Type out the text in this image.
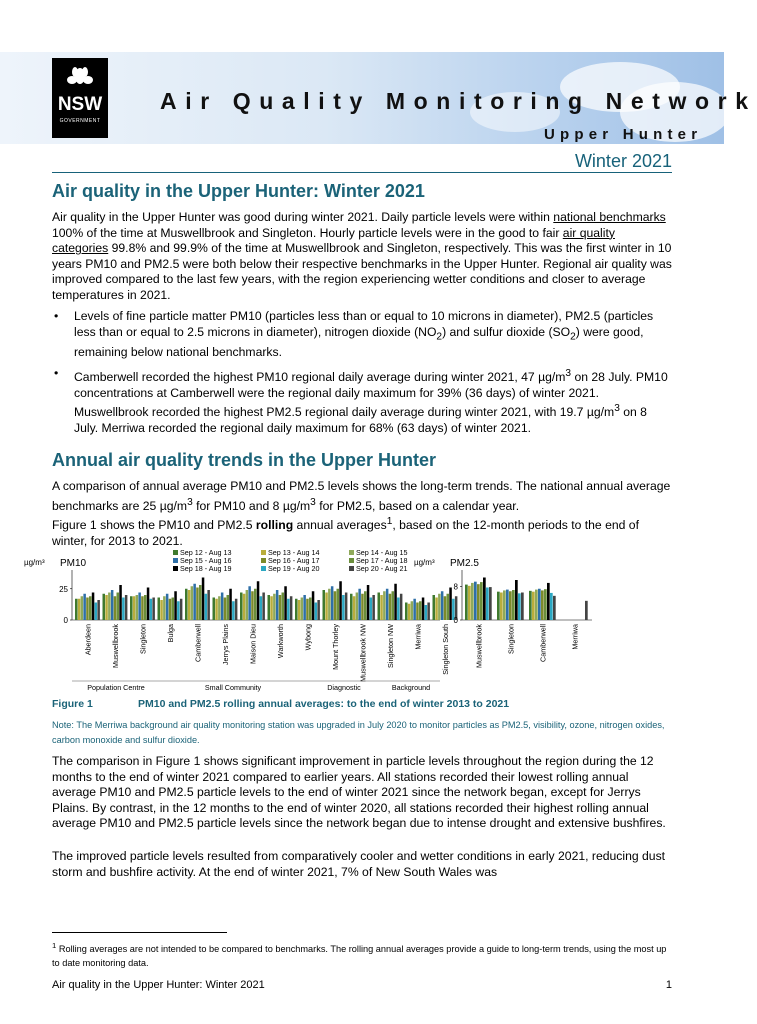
NSW
GOVERNMENT
Air Quality Monitoring Network
Upper Hunter
Winter 2021
Air quality in the Upper Hunter: Winter 2021

Air quality in the Upper Hunter was good during winter 2021. Daily particle levels were within national benchmarks 100% of the time at Muswellbrook and Singleton. Hourly particle levels were in the good to fair air quality categories 99.8% and 99.9% of the time at Muswellbrook and Singleton, respectively. This was the first winter in 10 years PM10 and PM2.5 were both below their respective benchmarks in the Upper Hunter. Regional air quality was improved compared to the last few years, with the region experiencing wetter conditions and closer to average temperatures in 2021.

• Levels of fine particle matter PM10 (particles less than or equal to 10 microns in diameter), PM2.5 (particles less than or equal to 2.5 microns in diameter), nitrogen dioxide $(NO_2)$ and sulfur dioxide $(SO_2)$ were good, remaining below national benchmarks.
• Camberwell recorded the highest PM10 regional daily average during winter 2021, 47 $\mu g/m^3$ on 28 July. PM10 concentrations at Camberwell were the regional daily maximum for 39% (36 days) of winter 2021. Muswellbrook recorded the highest PM2.5 regional daily average during winter 2021, with 19.7 $\mu g/m^3$ on 8 July. Merriwa recorded the regional daily maximum for 68% (63 days) of winter 2021.
Annual air quality trends in the Upper Hunter

A comparison of annual average PM10 and PM2.5 levels shows the long-term trends. The national annual average benchmarks are 25 $\mu g/m^3$ for PM10 and 8 $\mu g/m^3$ for PM2.5, based on a calendar year.

Figure 1 shows the PM10 and PM2.5 rolling annual averages$^1$, based on the 12-month periods to the end of winter, for 2013 to 2021.

µg/m³ PM10
0
25
Aberdeen	Muswellbrook	Singleton	Bulga	Camberwell	Jerrys Plains	Maison Dieu	Warkworth	Wybong	Mount Thorley	Muswellbrook NW	Singleton NW	Merriwa	Singleton South
µg/m³ PM2.5
0
8
Muswellbrook	Singleton	Camberwell	Merriwa
Population Centre	Small Community	Diagnostic	Background
Sep 12 - Aug 13	Sep 13 - Aug 14	Sep 14 - Aug 15
Sep 15 - Aug 16	Sep 16 - Aug 17	Sep 17 - Aug 18
Sep 18 - Aug 19	Sep 19 - Aug 20	Sep 20 - Aug 21
Figure 1	PM10 and PM2.5 rolling annual averages: to the end of winter 2013 to 2021
Note: The Merriwa background air quality monitoring station was upgraded in July 2020 to monitor particles as PM2.5, visibility, ozone, nitrogen oxides, carbon monoxide and sulfur dioxide.

The comparison in Figure 1 shows significant improvement in particle levels throughout the region during the 12 months to the end of winter 2021 compared to earlier years. All stations recorded their lowest rolling annual average PM10 and PM2.5 particle levels to the end of winter 2021 since the network began, except for Jerrys Plains. By contrast, in the 12 months to the end of winter 2020, all stations recorded their highest rolling annual average PM10 and PM2.5 particle levels since the network began due to intense drought and extensive bushfires.

The improved particle levels resulted from comparatively cooler and wetter conditions in early 2021, reducing dust storm and bushfire activity. At the end of winter 2021, 7% of New South Wales was

$^1$ Rolling averages are not intended to be compared to benchmarks. The rolling annual averages provide a guide to long-term trends, using the most up to date monitoring data.
Air quality in the Upper Hunter: Winter 2021	1
